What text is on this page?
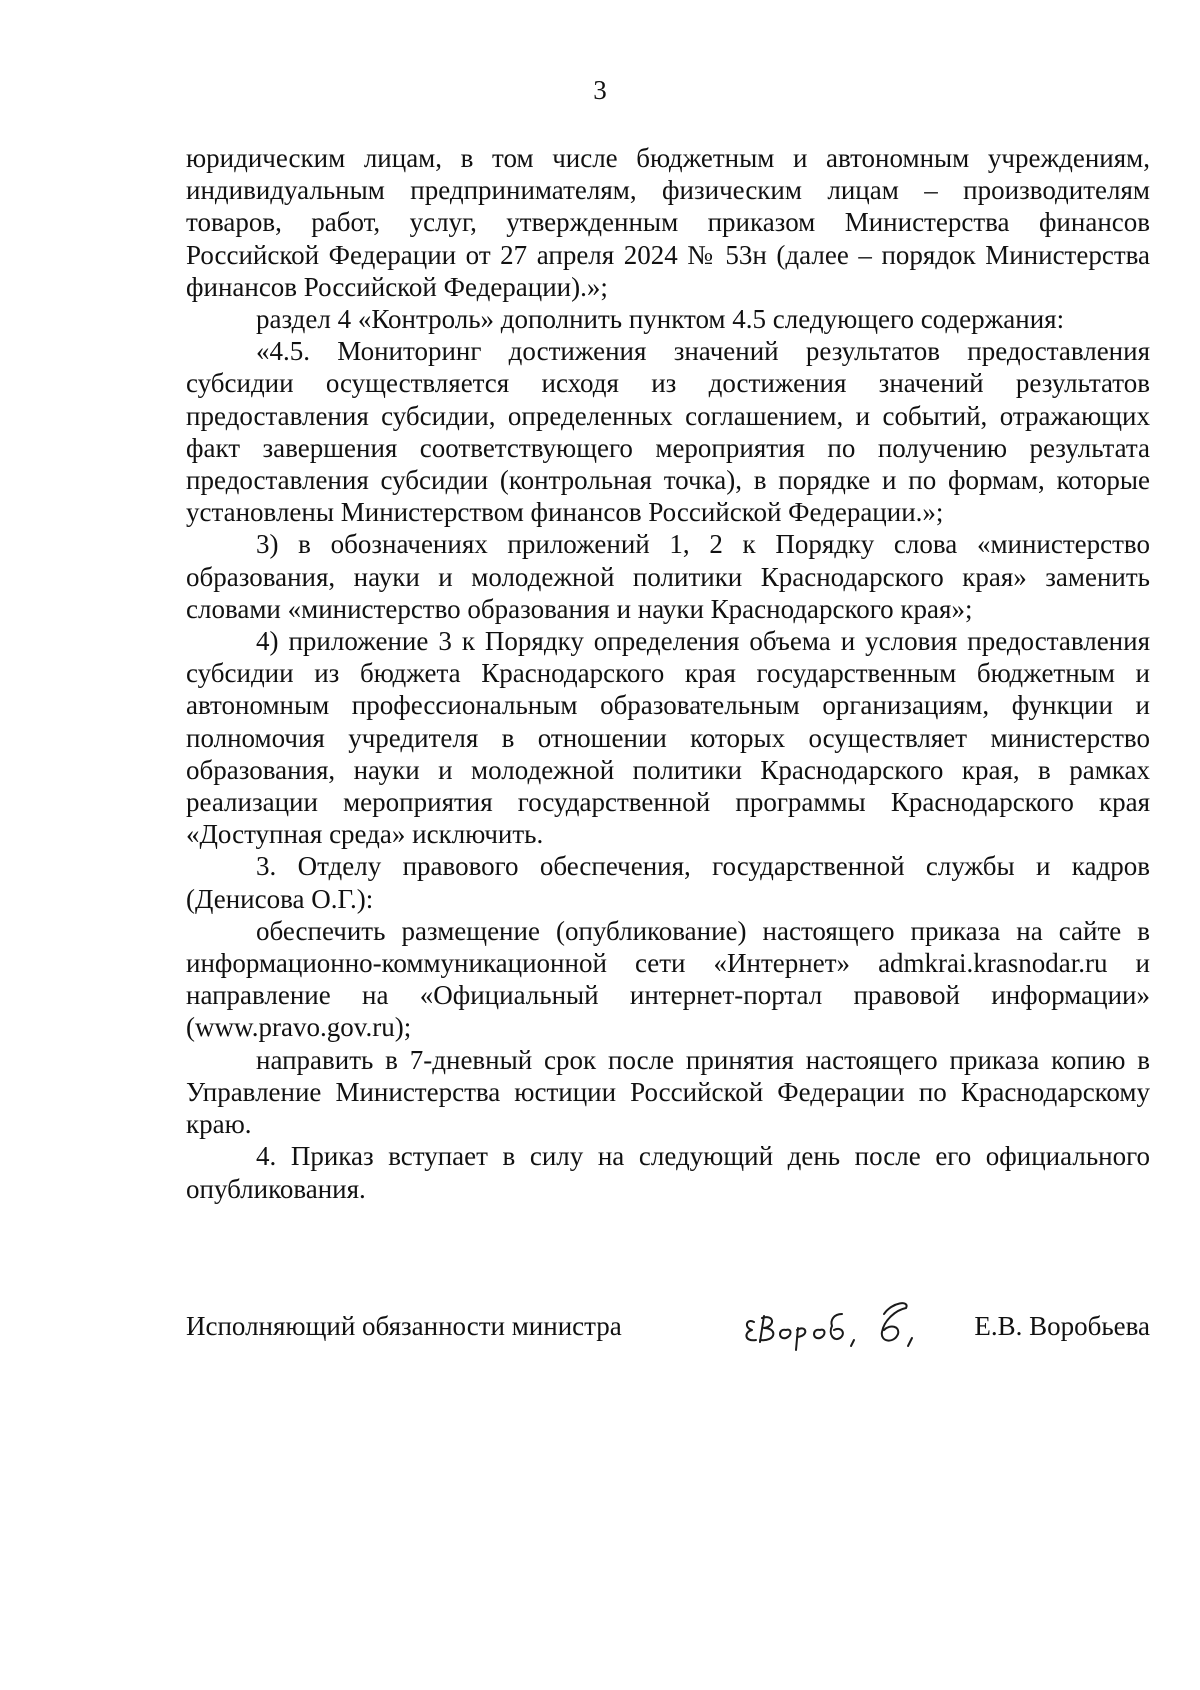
3

юридическим лицам, в том числе бюджетным и автономным учреждениям, индивидуальным предпринимателям, физическим лицам – производителям товаров, работ, услуг, утвержденным приказом Министерства финансов Российской Федерации от 27 апреля 2024 № 53н (далее – порядок Министерства финансов Российской Федерации).»;

раздел 4 «Контроль» дополнить пунктом 4.5 следующего содержания:

«4.5. Мониторинг достижения значений результатов предоставления субсидии осуществляется исходя из достижения значений результатов предоставления субсидии, определенных соглашением, и событий, отражающих факт завершения соответствующего мероприятия по получению результата предоставления субсидии (контрольная точка), в порядке и по формам, которые установлены Министерством финансов Российской Федерации.»;

3) в обозначениях приложений 1, 2 к Порядку слова «министерство образования, науки и молодежной политики Краснодарского края» заменить словами «министерство образования и науки Краснодарского края»;

4) приложение 3 к Порядку определения объема и условия предоставления субсидии из бюджета Краснодарского края государственным бюджетным и автономным профессиональным образовательным организациям, функции и полномочия учредителя в отношении которых осуществляет министерство образования, науки и молодежной политики Краснодарского края, в рамках реализации мероприятия государственной программы Краснодарского края «Доступная среда» исключить.

3. Отделу правового обеспечения, государственной службы и кадров (Денисова О.Г.):

обеспечить размещение (опубликование) настоящего приказа на сайте в информационно-коммуникационной сети «Интернет» admkrai.krasnodar.ru и направление на «Официальный интернет-портал правовой информации» (www.pravo.gov.ru);

направить в 7-дневный срок после принятия настоящего приказа копию в Управление Министерства юстиции Российской Федерации по Краснодарскому краю.

4. Приказ вступает в силу на следующий день после его официального опубликования.

Исполняющий обязанности министра	Е.В. Воробьева
